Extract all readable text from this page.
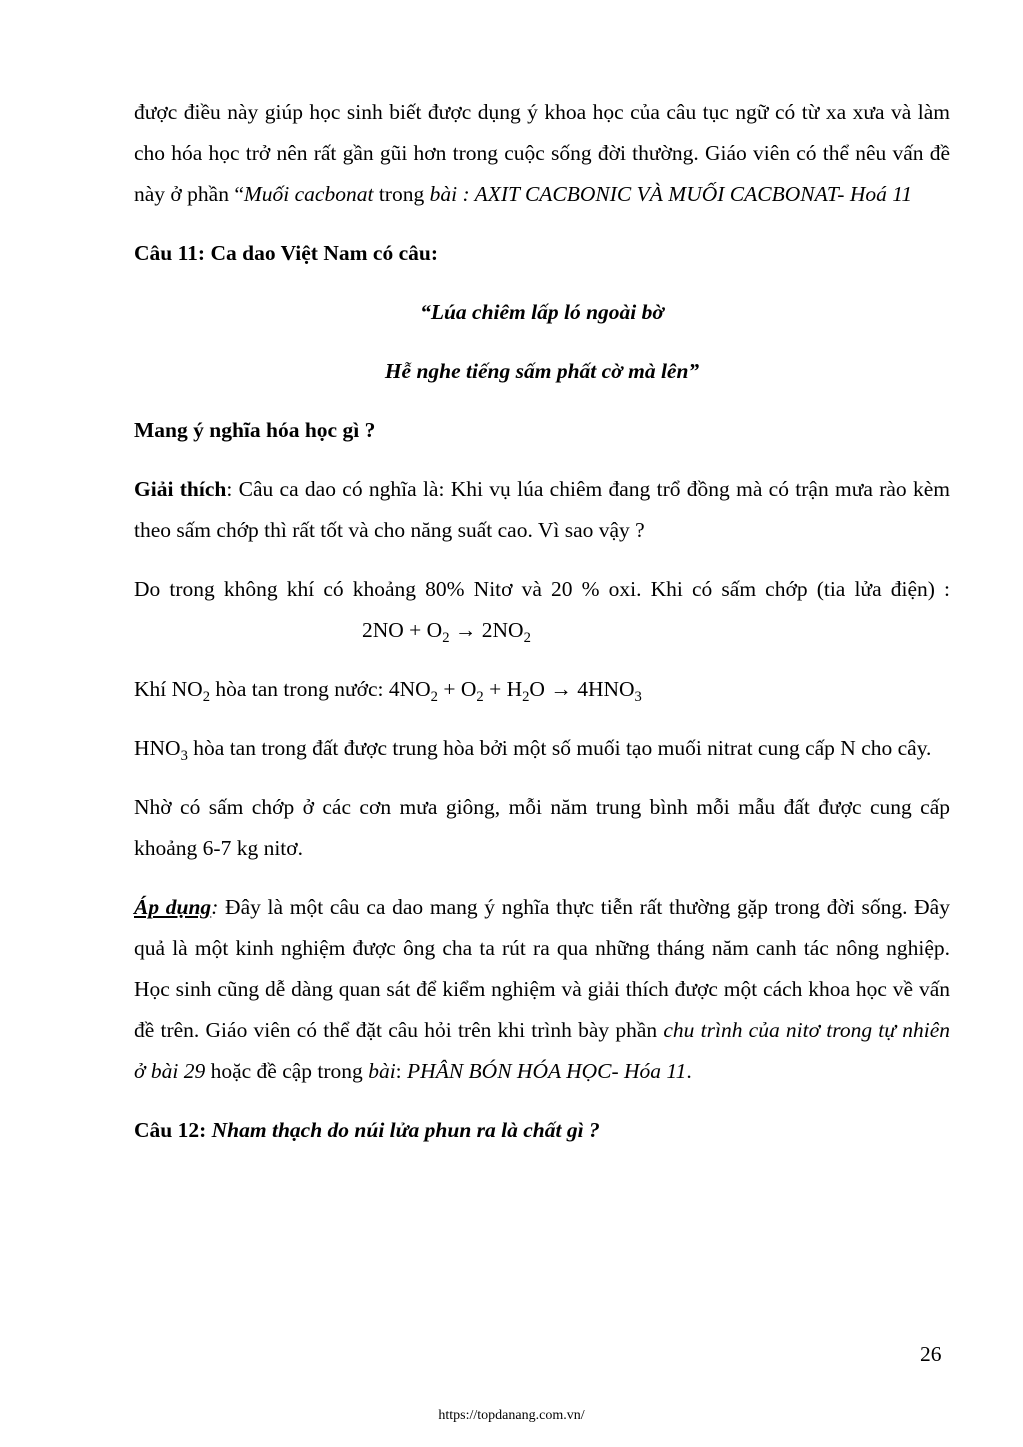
được điều này giúp học sinh biết được dụng ý khoa học của câu tục ngữ có từ xa xưa và làm cho hóa học trở nên rất gần gũi hơn trong cuộc sống đời thường. Giáo viên có thể nêu vấn đề này ở phần “Muối cacbonat trong bài : AXIT CACBONIC VÀ MUỐI CACBONAT- Hoá 11

Câu 11: Ca dao Việt Nam có câu:

“Lúa chiêm lấp ló ngoài bờ

Hễ nghe tiếng sấm phất cờ mà lên”

Mang ý nghĩa hóa học gì ?

Giải thích: Câu ca dao có nghĩa là: Khi vụ lúa chiêm đang trổ đồng mà có trận mưa rào kèm theo sấm chớp thì rất tốt và cho năng suất cao. Vì sao vậy ?

Do trong không khí có khoảng 80% Nitơ và 20 % oxi. Khi có sấm chớp (tia lửa điện) :2NO + $O_2 \to 2NO_2$

Khí $NO_2$ hòa tan trong nước: $4NO_2 + O_2 + H_2O \to 4HNO_3$

$HNO_3$ hòa tan trong đất được trung hòa bởi một số muối tạo muối nitrat cung cấp N cho cây.

Nhờ có sấm chớp ở các cơn mưa giông, mỗi năm trung bình mỗi mẫu đất được cung cấp khoảng 6-7 kg nitơ.

Áp dụng: Đây là một câu ca dao mang ý nghĩa thực tiễn rất thường gặp trong đời sống. Đây quả là một kinh nghiệm được ông cha ta rút ra qua những tháng năm canh tác nông nghiệp. Học sinh cũng dễ dàng quan sát để kiểm nghiệm và giải thích được một cách khoa học về vấn đề trên. Giáo viên có thể đặt câu hỏi trên khi trình bày phần chu trình của nitơ trong tự nhiên ở bài 29 hoặc đề cập trong bài: PHÂN BÓN HÓA HỌC- Hóa 11.

Câu 12: Nham thạch do núi lửa phun ra là chất gì ?

26
https://topdanang.com.vn/
